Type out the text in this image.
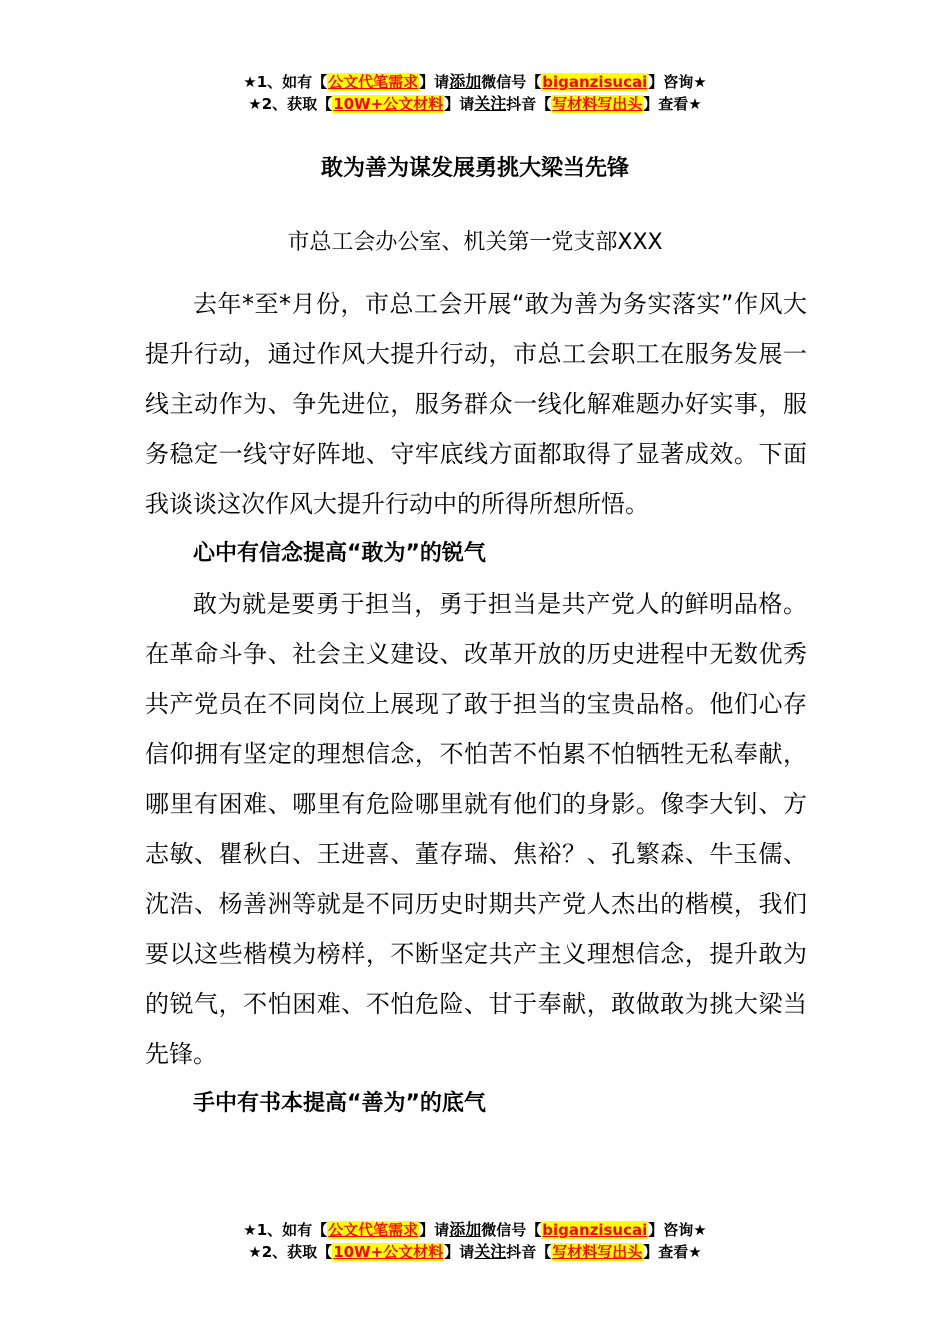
★1、如有【公文代笔需求】请添加微信号【biganzisucai】咨询★
★2、获取【10W+公文材料】请关注抖音【写材料写出头】查看★
敢为善为谋发展勇挑大梁当先锋
市总工会办公室、机关第一党支部XXX

去年*至*月份，市总工会开展“敢为善为务实落实”作风大提升行动，通过作风大提升行动，市总工会职工在服务发展一线主动作为、争先进位，服务群众一线化解难题办好实事，服务稳定一线守好阵地、守牢底线方面都取得了显著成效。下面我谈谈这次作风大提升行动中的所得所想所悟。

心中有信念提高“敢为”的锐气

敢为就是要勇于担当，勇于担当是共产党人的鲜明品格。在革命斗争、社会主义建设、改革开放的历史进程中无数优秀共产党员在不同岗位上展现了敢于担当的宝贵品格。他们心存信仰拥有坚定的理想信念，不怕苦不怕累不怕牺牲无私奉献，哪里有困难、哪里有危险哪里就有他们的身影。像李大钊、方志敏、瞿秋白、王进喜、董存瑞、焦裕？、孔繁森、牛玉儒、沈浩、杨善洲等就是不同历史时期共产党人杰出的楷模，我们要以这些楷模为榜样，不断坚定共产主义理想信念，提升敢为的锐气，不怕困难、不怕危险、甘于奉献，敢做敢为挑大梁当先锋。

手中有书本提高“善为”的底气

★1、如有【公文代笔需求】请添加微信号【biganzisucai】咨询★
★2、获取【10W+公文材料】请关注抖音【写材料写出头】查看★
